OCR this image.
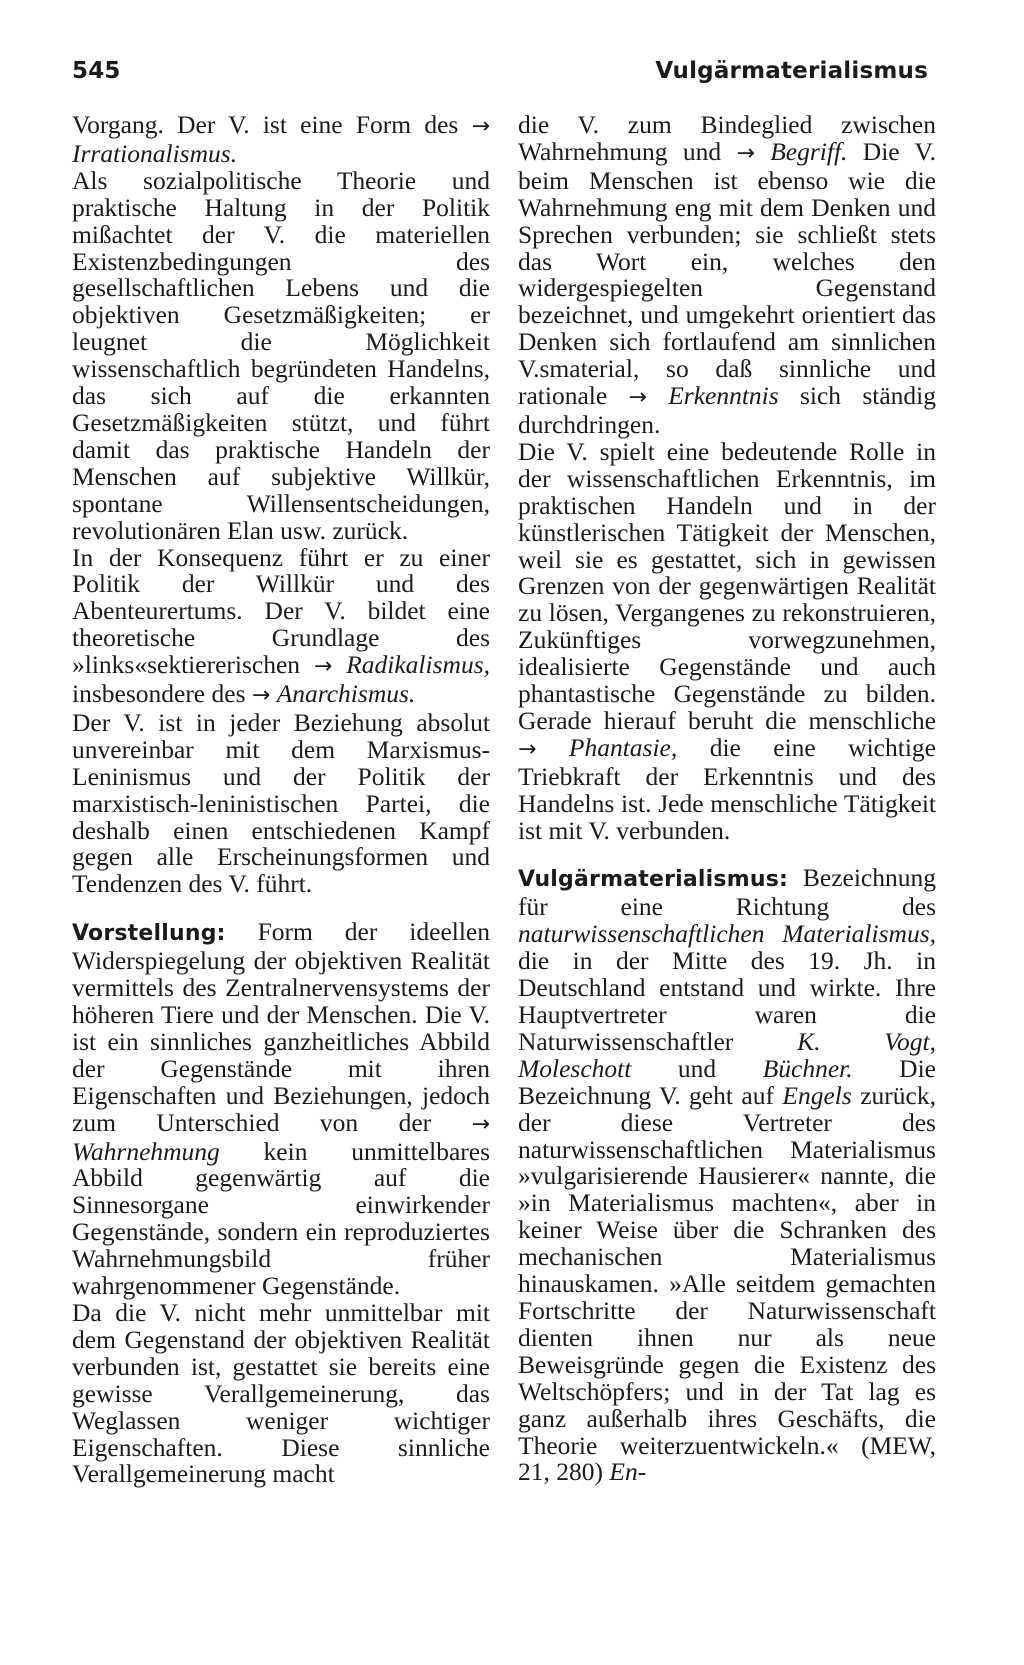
545	Vulgärmaterialismus

Vorgang. Der V. ist eine Form des → Irrationalismus.

Als sozialpolitische Theorie und praktische Haltung in der Politik mißachtet der V. die materiellen Existenzbedingungen des gesellschaftlichen Lebens und die objektiven Gesetzmäßigkeiten; er leugnet die Möglichkeit wissenschaftlich begründeten Handelns, das sich auf die erkannten Gesetzmäßigkeiten stützt, und führt damit das praktische Handeln der Menschen auf subjektive Willkür, spontane Willensentscheidungen, revolutionären Elan usw. zurück.

In der Konsequenz führt er zu einer Politik der Willkür und des Abenteurertums. Der V. bildet eine theoretische Grundlage des »links«sektiererischen → Radikalismus, insbesondere des → Anarchismus.

Der V. ist in jeder Beziehung absolut unvereinbar mit dem Marxismus-Leninismus und der Politik der marxistisch-leninistischen Partei, die deshalb einen entschiedenen Kampf gegen alle Erscheinungsformen und Tendenzen des V. führt.

Vorstellung: Form der ideellen Widerspiegelung der objektiven Realität vermittels des Zentralnervensystems der höheren Tiere und der Menschen. Die V. ist ein sinnliches ganzheitliches Abbild der Gegenstände mit ihren Eigenschaften und Beziehungen, jedoch zum Unterschied von der → Wahrnehmung kein unmittelbares Abbild gegenwärtig auf die Sinnesorgane einwirkender Gegenstände, sondern ein reproduziertes Wahrnehmungsbild früher wahrgenommener Gegenstände.

Da die V. nicht mehr unmittelbar mit dem Gegenstand der objektiven Realität verbunden ist, gestattet sie bereits eine gewisse Verallgemeinerung, das Weglassen weniger wichtiger Eigenschaften. Diese sinnliche Verallgemeinerung macht

die V. zum Bindeglied zwischen Wahrnehmung und → Begriff. Die V. beim Menschen ist ebenso wie die Wahrnehmung eng mit dem Denken und Sprechen verbunden; sie schließt stets das Wort ein, welches den widergespiegelten Gegenstand bezeichnet, und umgekehrt orientiert das Denken sich fortlaufend am sinnlichen V.smaterial, so daß sinnliche und rationale → Erkenntnis sich ständig durchdringen.

Die V. spielt eine bedeutende Rolle in der wissenschaftlichen Erkenntnis, im praktischen Handeln und in der künstlerischen Tätigkeit der Menschen, weil sie es gestattet, sich in gewissen Grenzen von der gegenwärtigen Realität zu lösen, Vergangenes zu rekonstruieren, Zukünftiges vorwegzunehmen, idealisierte Gegenstände und auch phantastische Gegenstände zu bilden. Gerade hierauf beruht die menschliche → Phantasie, die eine wichtige Triebkraft der Erkenntnis und des Handelns ist. Jede menschliche Tätigkeit ist mit V. verbunden.

Vulgärmaterialismus: Bezeichnung für eine Richtung des naturwissenschaftlichen Materialismus, die in der Mitte des 19. Jh. in Deutschland entstand und wirkte. Ihre Hauptvertreter waren die Naturwissenschaftler K. Vogt, Moleschott und Büchner. Die Bezeichnung V. geht auf Engels zurück, der diese Vertreter des naturwissenschaftlichen Materialismus »vulgarisierende Hausierer« nannte, die »in Materialismus machten«, aber in keiner Weise über die Schranken des mechanischen Materialismus hinauskamen. »Alle seitdem gemachten Fortschritte der Naturwissenschaft dienten ihnen nur als neue Beweisgründe gegen die Existenz des Weltschöpfers; und in der Tat lag es ganz außerhalb ihres Geschäfts, die Theorie weiterzuentwickeln.« (MEW, 21, 280) En-
